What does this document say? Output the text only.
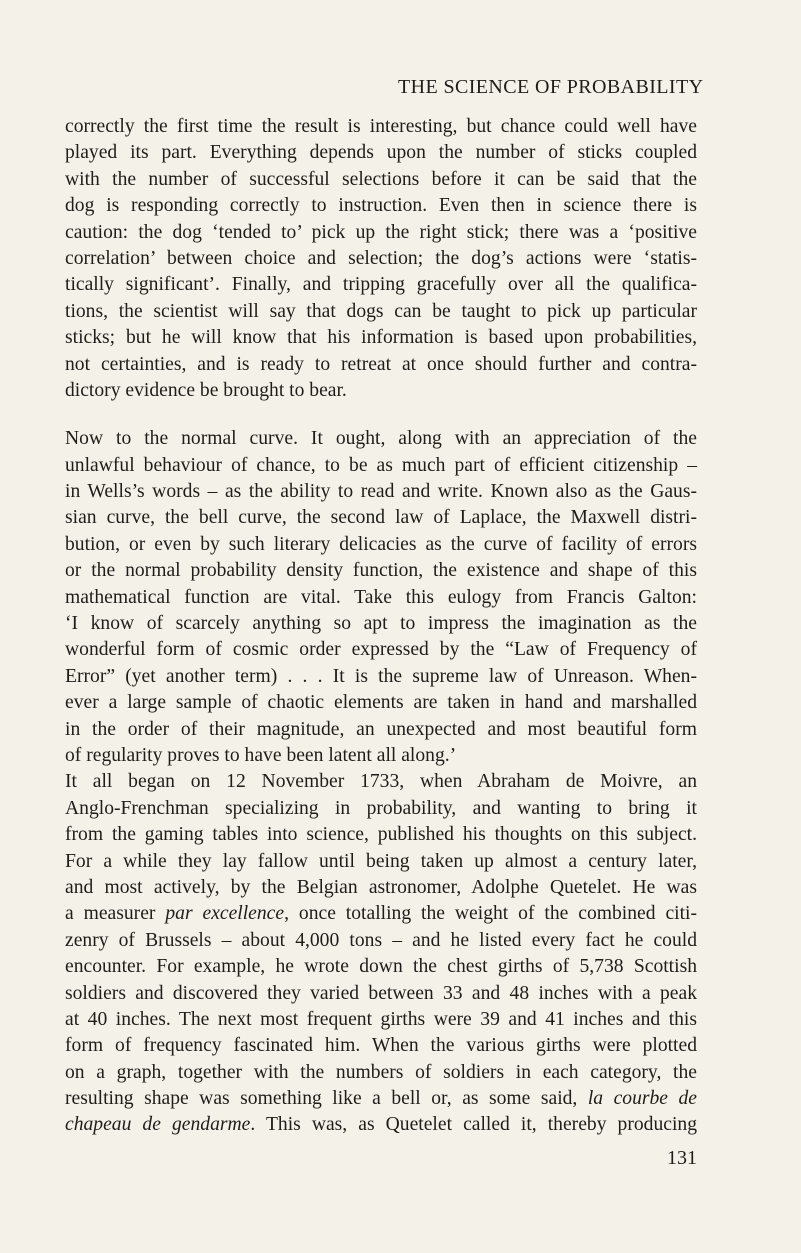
THE SCIENCE OF PROBABILITY
correctly the first time the result is interesting, but chance could well have
played its part. Everything depends upon the number of sticks coupled
with the number of successful selections before it can be said that the
dog is responding correctly to instruction. Even then in science there is
caution: the dog ‘tended to’ pick up the right stick; there was a ‘positive
correlation’ between choice and selection; the dog’s actions were ‘statis-
tically significant’. Finally, and tripping gracefully over all the qualifica-
tions, the scientist will say that dogs can be taught to pick up particular
sticks; but he will know that his information is based upon probabilities,
not certainties, and is ready to retreat at once should further and contra-
dictory evidence be brought to bear.
Now to the normal curve. It ought, along with an appreciation of the
unlawful behaviour of chance, to be as much part of efficient citizenship –
in Wells’s words – as the ability to read and write. Known also as the Gaus-
sian curve, the bell curve, the second law of Laplace, the Maxwell distri-
bution, or even by such literary delicacies as the curve of facility of errors
or the normal probability density function, the existence and shape of this
mathematical function are vital. Take this eulogy from Francis Galton:
‘I know of scarcely anything so apt to impress the imagination as the
wonderful form of cosmic order expressed by the “Law of Frequency of
Error” (yet another term) . . . It is the supreme law of Unreason. When-
ever a large sample of chaotic elements are taken in hand and marshalled
in the order of their magnitude, an unexpected and most beautiful form
of regularity proves to have been latent all along.’
It all began on 12 November 1733, when Abraham de Moivre, an
Anglo-Frenchman specializing in probability, and wanting to bring it
from the gaming tables into science, published his thoughts on this subject.
For a while they lay fallow until being taken up almost a century later,
and most actively, by the Belgian astronomer, Adolphe Quetelet. He was
a measurer par excellence, once totalling the weight of the combined citi-
zenry of Brussels – about 4,000 tons – and he listed every fact he could
encounter. For example, he wrote down the chest girths of 5,738 Scottish
soldiers and discovered they varied between 33 and 48 inches with a peak
at 40 inches. The next most frequent girths were 39 and 41 inches and this
form of frequency fascinated him. When the various girths were plotted
on a graph, together with the numbers of soldiers in each category, the
resulting shape was something like a bell or, as some said, la courbe de
chapeau de gendarme. This was, as Quetelet called it, thereby producing
131
